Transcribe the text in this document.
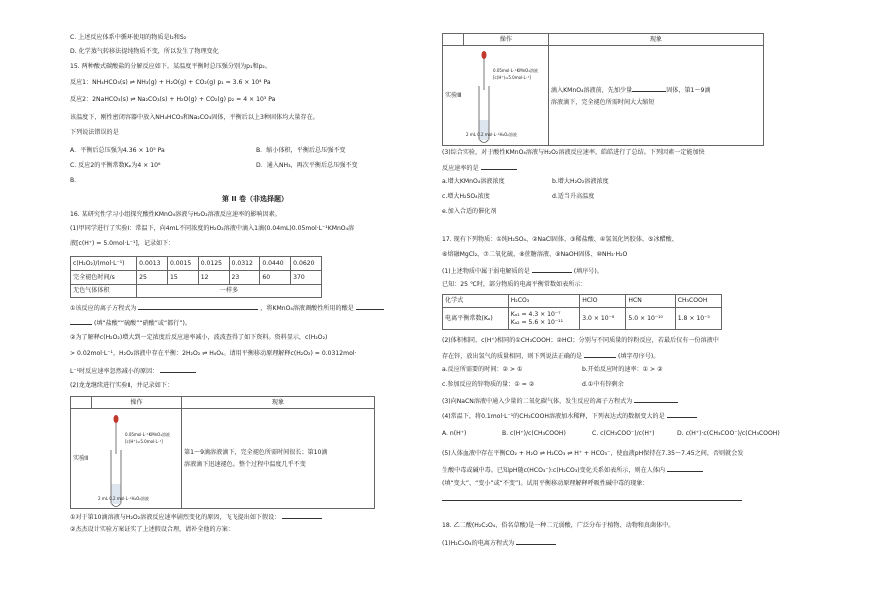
C. 上述反应体系中循环使用的物质是I₂和S₂
D. 化学蒸气转移法提纯物质不变，所以发生了物理变化
15. 两种酸式碳酸盐的分解反应如下。某温度平衡时总压强分别为p₁和p₂。
反应1：NH₄HCO₃(s) ⇌ NH₃(g) + H₂O(g) + CO₂(g) p₁ = 3.6 × 10⁴ Pa
反应2：2NaHCO₃(s) ⇌ Na₂CO₃(s) + H₂O(g) + CO₂(g) p₂ = 4 × 10³ Pa
该温度下，刚性密闭容器中放入NH₄HCO₃和Na₂CO₃固体，平衡后以上3种固体均大量存在。
下列说法错误的是
A．平衡后总压强为4.36 × 10⁵ Pa	B．缩小体积，平衡后总压强不变
C. 反应2的平衡常数Kₚ为4 × 10⁶	D．通入NH₃，再次平衡后总压强不变
B.
第 II 卷（非选择题）
16. 某研究性学习小组探究酸性KMnO₄溶液与H₂O₂溶液反应速率的影响因素。
(1)甲同学进行了实验Ⅰ：常温下，向4mL不同浓度的H₂O₂溶液中滴入1滴(0.04mL)0.05mol·L⁻¹KMnO₄溶
液[c(H⁺) = 5.0mol·L⁻¹]，记录如下：
c(H₂O₂)/(mol·L⁻¹)	0.0013	0.0015	0.0125	0.0312	0.0440	0.0620
完全褪色时间/s	25	15	12	23	60	370
无色气体体积	一样多					
①该反应的离子方程式为	，将KMnO₄溶液调酸性所用的酸是
(填“盐酸”“硫酸”“硝酸”或“都行”)。
②为了解释c(H₂O₂)增大到一定浓度后反应速率减小，波波查得了如下资料。资料显示，c(H₂O₂)
> 0.02mol·L⁻¹，H₂O₂溶液中存在平衡：2H₂O₂ ⇌ H₄O₄。请用平衡移动原理解释c(H₂O₂) = 0.0312mol·
L⁻¹时反应速率忽然减小的原因：
(2)龙龙继续进行实验Ⅱ，并记录如下：
	操作	现象
实验Ⅱ		第1～9滴溶液滴下，完全褪色所需时间很长；第10滴
溶液滴下迅速褪色。整个过程中温度几乎不变
0.05mol·L⁻¹KMnO₄溶液
[c(H⁺)=5.0mol·L⁻¹]
2 mL 0.2 mol·L⁻¹H₂O₂溶液
①对于第10滴溶液与H₂O₂溶液反应速率剧烈变化的原因，飞飞提出如下假设：
②杰杰设计实验方案证实了上述假设合理，请补全他的方案：
	操作	现象
实验Ⅲ		滴入KMnO₄溶液前，先加少量 固体，第1～9滴
溶液滴下，完全褪色所需时间大大缩短
0.05mol·L⁻¹KMnO₄溶液
[c(H⁺)=5.0mol·L⁻¹]
2 mL 0.2 mol·L⁻¹H₂O₂溶液
(3)综合实验，对于酸性KMnO₄溶液与H₂O₂溶液反应速率，皓皓进行了总结。下列因素一定能加快
反应速率的是
a.增大KMnO₄溶液浓度	b.增大H₂O₂溶液浓度
c.增大H₂SO₄浓度	d.适当升高温度
e.加入合适的催化剂
17. 现有下列物质：①纯H₂SO₄、②NaCl固体、③稀盐酸、④氢氧化钙胶体、⑤冰醋酸、
⑥熔融MgCl₂、⑦二氧化硫、⑧蔗糖溶液、⑨NaOH固体、⑩NH₃·H₂O
(1)上述物质中属于弱电解质的是	(填序号)。
已知：25 ℃时，部分物质的电离平衡常数如表所示：
化学式	H₂CO₃	HClO	HCN	CH₃COOH
电离平衡常数(Kₐ)	Kₐ₁ = 4.3 × 10⁻⁷
Kₐ₂ = 5.6 × 10⁻¹¹	3.0 × 10⁻⁸	5.0 × 10⁻¹⁰	1.8 × 10⁻⁵
(2)体积相同、c(H⁺)相同的①CH₃COOH；②HCl；分别与不同质量的锌粉反应，若最后仅有一份溶液中
存在锌，放出氢气的质量相同，则下列说法正确的是	(填字母序号)。
a.反应所需要的时间：② > ①	b.开始反应时的速率：① > ②
c.参加反应的锌物质的量：① = ②	d.①中有锌剩余
(3)向NaCN溶液中通入少量的二氧化碳气体，发生反应的离子方程式为
(4)常温下，将0.1mol·L⁻¹的CH₃COOH溶液加水稀释，下列表达式的数据变大的是
A. n(H⁺)	B. c(H⁺)/c(CH₃COOH)	C. c(CH₃COO⁻)/c(H⁺)	D. c(H⁺)·c(CH₃COO⁻)/c(CH₃COOH)
(5)人体血液中存在平衡CO₂ + H₂O ⇌ H₂CO₃ ⇌ H⁺ + HCO₃⁻，使血液pH保持在7.35～7.45之间，否则就会发
生酸中毒或碱中毒。已知pH随c(HCO₃⁻):c(H₂CO₃)变化关系如表所示，则在人体内
(填“变大”、“变小”或“不变”)。试用平衡移动原理解释呼吸性碱中毒的现象：
18. 乙二酸(H₂C₂O₄，俗名草酸)是一种二元弱酸，广泛分布于植物、动物和真菌体中。
(1)H₂C₂O₄的电离方程式为
